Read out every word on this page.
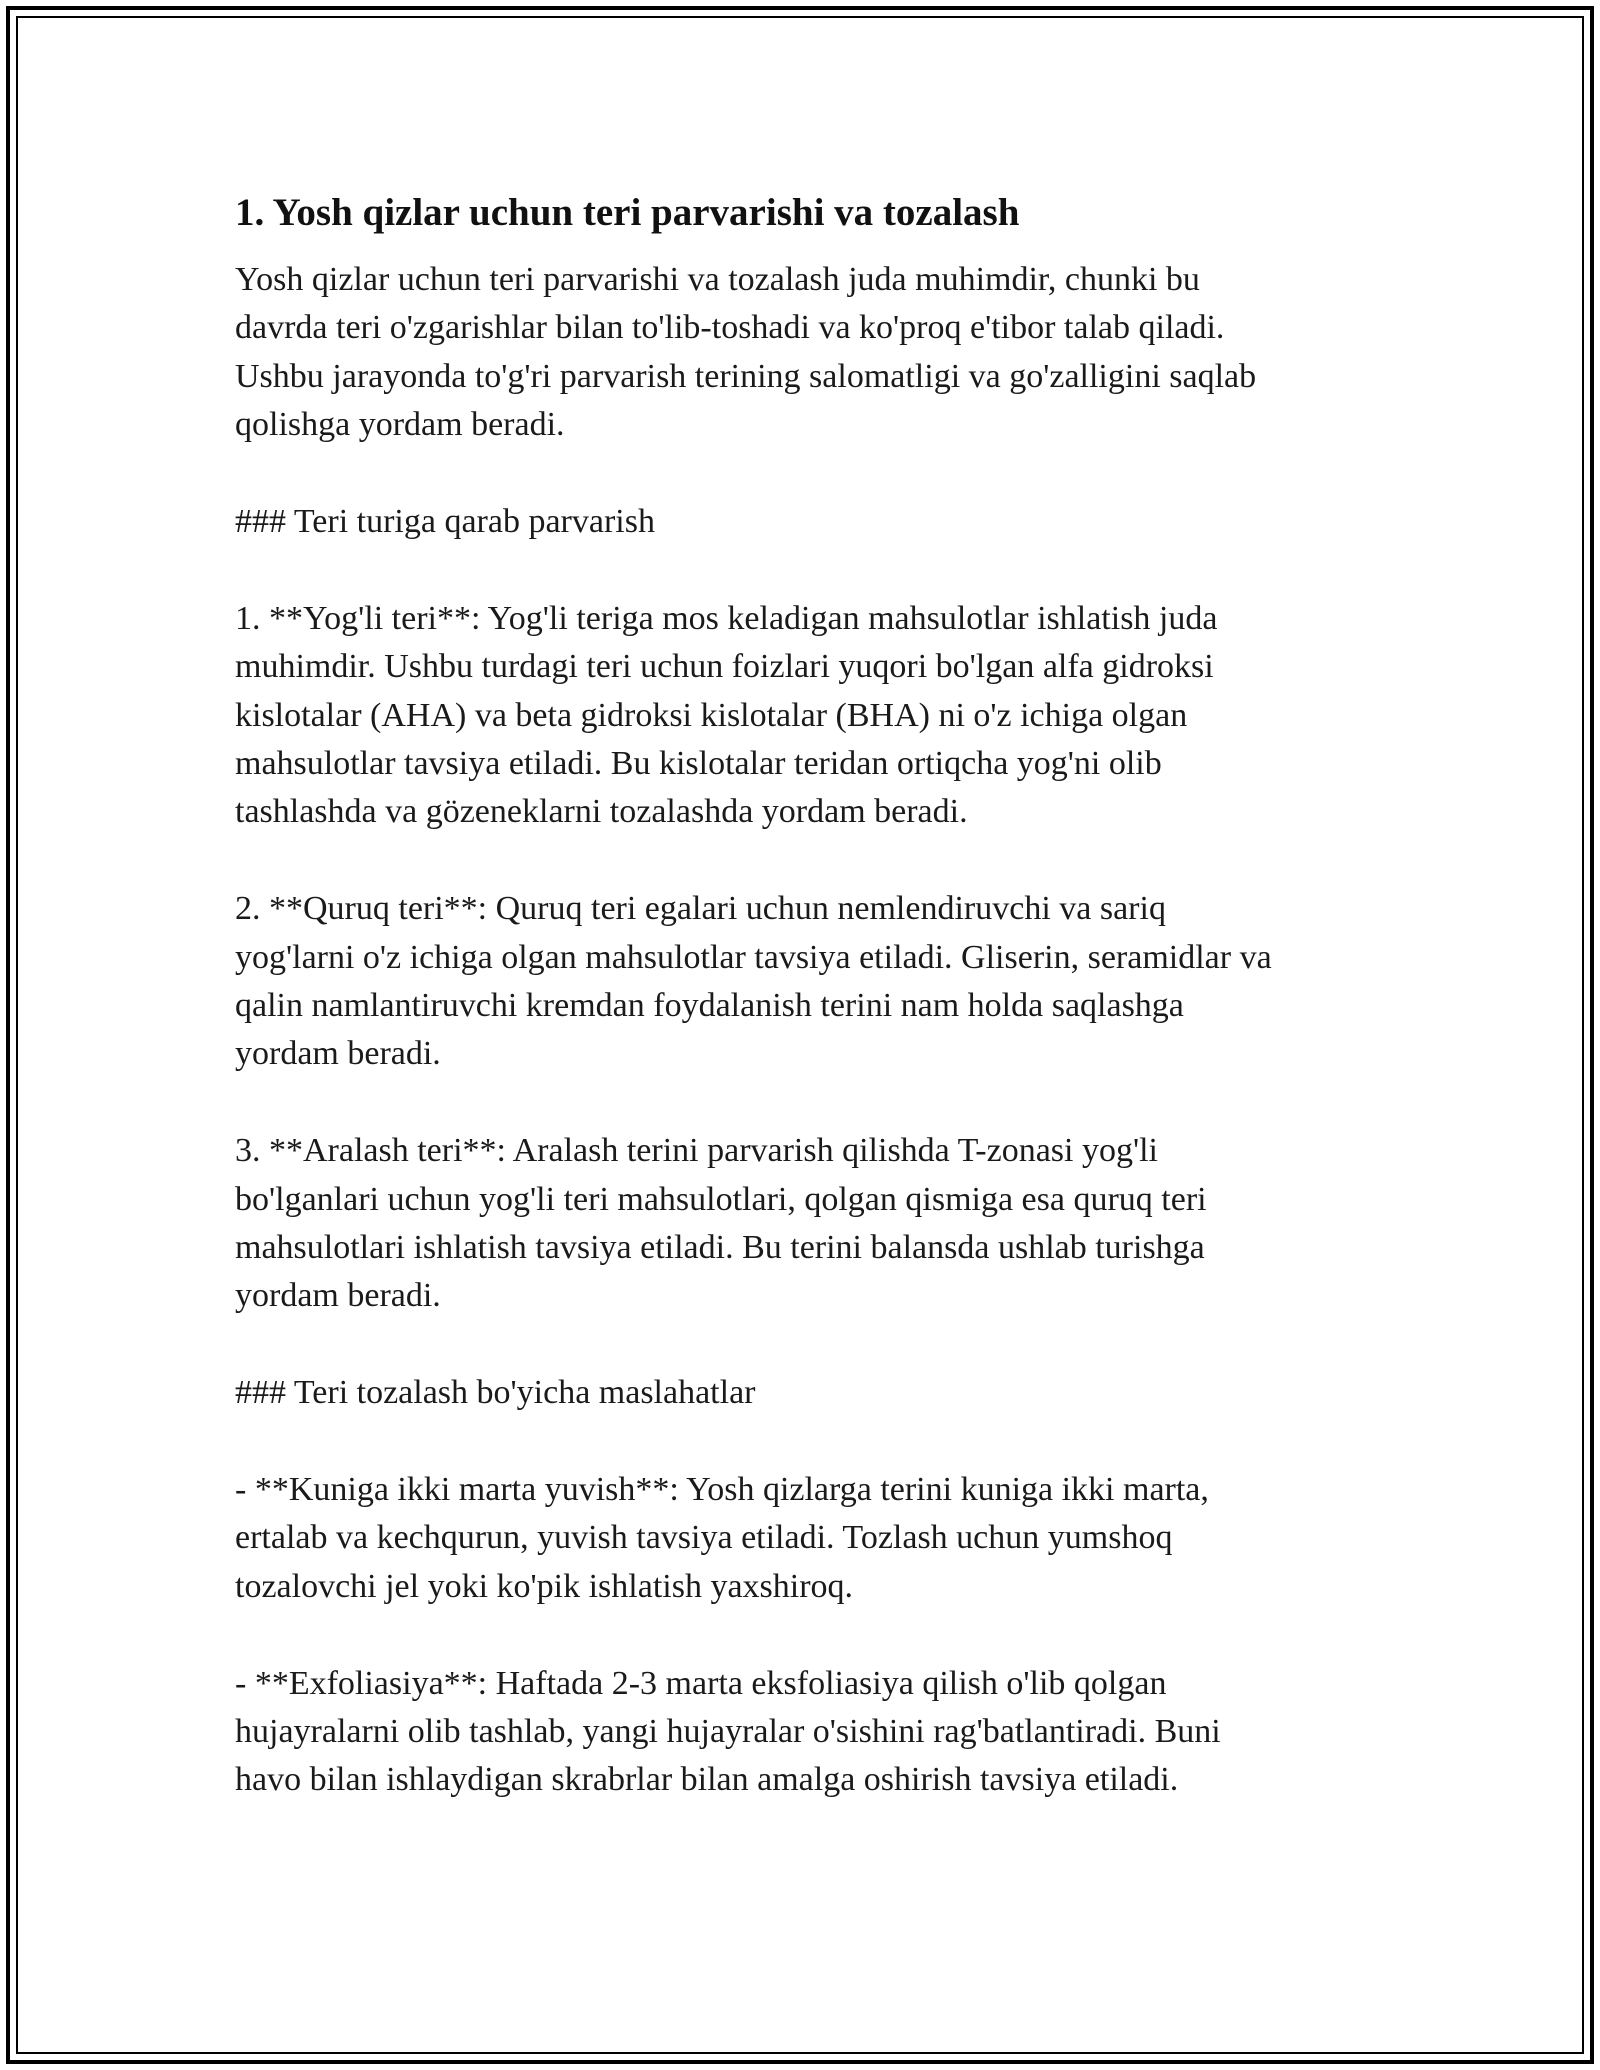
1. Yosh qizlar uchun teri parvarishi va tozalash

Yosh qizlar uchun teri parvarishi va tozalash juda muhimdir, chunki bu
davrda teri o'zgarishlar bilan to'lib-toshadi va ko'proq e'tibor talab qiladi.
Ushbu jarayonda to'g'ri parvarish terining salomatligi va go'zalligini saqlab
qolishga yordam beradi.

### Teri turiga qarab parvarish

1. **Yog'li teri**: Yog'li teriga mos keladigan mahsulotlar ishlatish juda
muhimdir. Ushbu turdagi teri uchun foizlari yuqori bo'lgan alfa gidroksi
kislotalar (AHA) va beta gidroksi kislotalar (BHA) ni o'z ichiga olgan
mahsulotlar tavsiya etiladi. Bu kislotalar teridan ortiqcha yog'ni olib
tashlashda va gözeneklarni tozalashda yordam beradi.

2. **Quruq teri**: Quruq teri egalari uchun nemlendiruvchi va sariq
yog'larni o'z ichiga olgan mahsulotlar tavsiya etiladi. Gliserin, seramidlar va
qalin namlantiruvchi kremdan foydalanish terini nam holda saqlashga
yordam beradi.

3. **Aralash teri**: Aralash terini parvarish qilishda T-zonasi yog'li
bo'lganlari uchun yog'li teri mahsulotlari, qolgan qismiga esa quruq teri
mahsulotlari ishlatish tavsiya etiladi. Bu terini balansda ushlab turishga
yordam beradi.

### Teri tozalash bo'yicha maslahatlar

- **Kuniga ikki marta yuvish**: Yosh qizlarga terini kuniga ikki marta,
ertalab va kechqurun, yuvish tavsiya etiladi. Tozlash uchun yumshoq
tozalovchi jel yoki ko'pik ishlatish yaxshiroq.

- **Exfoliasiya**: Haftada 2-3 marta eksfoliasiya qilish o'lib qolgan
hujayralarni olib tashlab, yangi hujayralar o'sishini rag'batlantiradi. Buni
havo bilan ishlaydigan skrabrlar bilan amalga oshirish tavsiya etiladi.
